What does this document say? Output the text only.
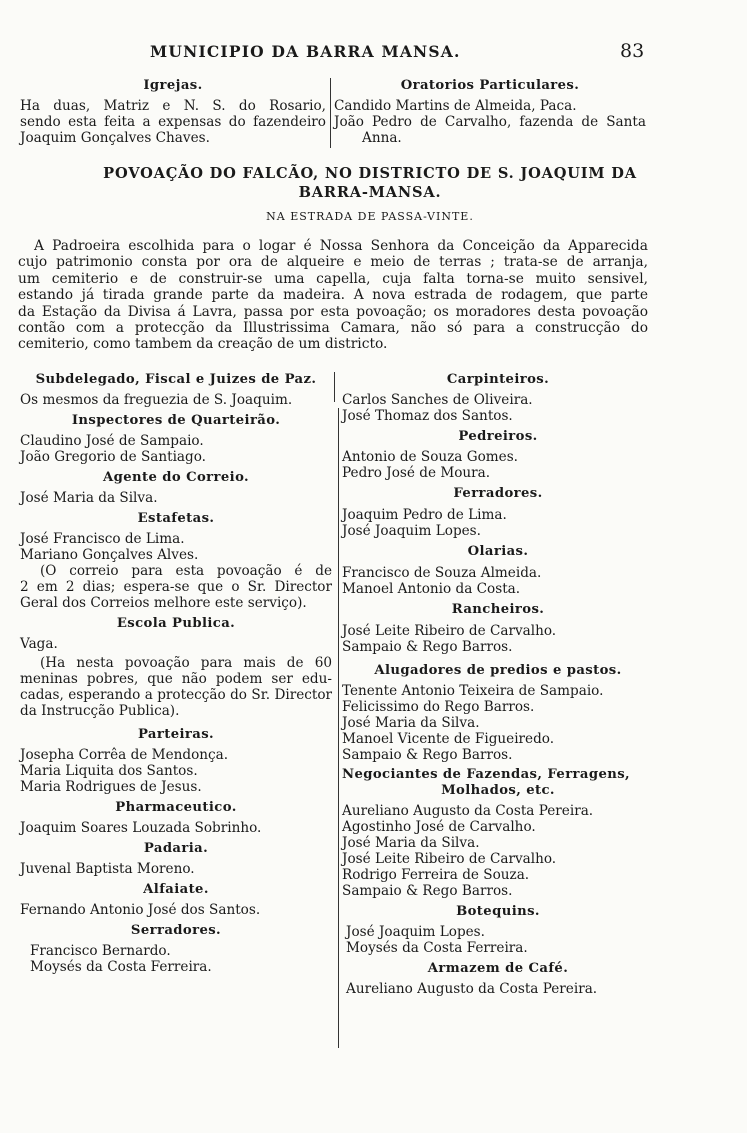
MUNICIPIO DA BARRA MANSA.	83
Igrejas.
Ha duas, Matriz e N. S. do Rosario,
sendo esta feita a expensas do fazendeiro
Joaquim Gonçalves Chaves.
Oratorios Particulares.
Candido Martins de Almeida, Paca.
João Pedro de Carvalho, fazenda de Santa
Anna.
POVOAÇÃO DO FALCÃO, NO DISTRICTO DE S. JOAQUIM DA
BARRA-MANSA.
NA ESTRADA DE PASSA-VINTE.
A Padroeira escolhida para o logar é Nossa Senhora da Conceição da Apparecida
cujo patrimonio consta por ora de alqueire e meio de terras ; trata-se de arranja,
um cemiterio e de construir-se uma capella, cuja falta torna-se muito sensivel,
estando já tirada grande parte da madeira. A nova estrada de rodagem, que parte
da Estação da Divisa á Lavra, passa por esta povoação; os moradores desta povoação
contão com a protecção da Illustrissima Camara, não só para a construcção do
cemiterio, como tambem da creação de um districto.
Subdelegado, Fiscal e Juizes de Paz.
Os mesmos da freguezia de S. Joaquim.
Inspectores de Quarteirão.
Claudino José de Sampaio.
João Gregorio de Santiago.
Agente do Correio.
José Maria da Silva.
Estafetas.
José Francisco de Lima.
Mariano Gonçalves Alves.
(O correio para esta povoação é de
2 em 2 dias; espera-se que o Sr. Director
Geral dos Correios melhore este serviço).
Escola Publica.
Vaga.
(Ha nesta povoação para mais de 60
meninas pobres, que não podem ser edu-
cadas, esperando a protecção do Sr. Director
da Instrucção Publica).
Parteiras.
Josepha Corrêa de Mendonça.
Maria Liquita dos Santos.
Maria Rodrigues de Jesus.
Pharmaceutico.
Joaquim Soares Louzada Sobrinho.
Padaria.
Juvenal Baptista Moreno.
Alfaiate.
Fernando Antonio José dos Santos.
Serradores.
Francisco Bernardo.
Moysés da Costa Ferreira.
Carpinteiros.
Carlos Sanches de Oliveira.
José Thomaz dos Santos.
Pedreiros.
Antonio de Souza Gomes.
Pedro José de Moura.
Ferradores.
Joaquim Pedro de Lima.
José Joaquim Lopes.
Olarias.
Francisco de Souza Almeida.
Manoel Antonio da Costa.
Rancheiros.
José Leite Ribeiro de Carvalho.
Sampaio & Rego Barros.
Alugadores de predios e pastos.
Tenente Antonio Teixeira de Sampaio.
Felicissimo do Rego Barros.
José Maria da Silva.
Manoel Vicente de Figueiredo.
Sampaio & Rego Barros.
Negociantes de Fazendas, Ferragens,
Molhados, etc.
Aureliano Augusto da Costa Pereira.
Agostinho José de Carvalho.
José Maria da Silva.
José Leite Ribeiro de Carvalho.
Rodrigo Ferreira de Souza.
Sampaio & Rego Barros.
Botequins.
José Joaquim Lopes.
Moysés da Costa Ferreira.
Armazem de Café.
Aureliano Augusto da Costa Pereira.
